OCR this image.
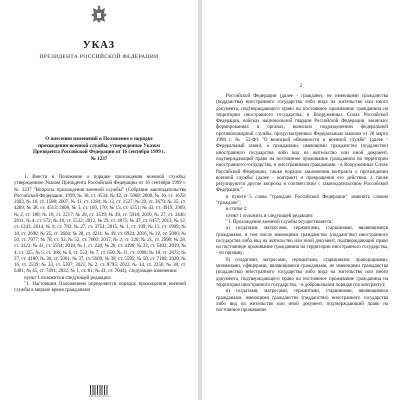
УКАЗ
ПРЕЗИДЕНТА РОССИЙСКОЙ ФЕДЕРАЦИИ
О внесении изменений в Положение о порядке прохождения военной службы, утвержденное Указом Президента Российской Федерации от 16 сентября 1999 г. № 1237

1. Внести в Положение о порядке прохождения военной службы, утвержденное Указом Президента Российской Федерации от 16 сентября 1999 г. № 1237 "Вопросы прохождения военной службы" (Собрание законодательства Российской Федерации, 1999, № 38, ст. 4534; № 42, ст. 5008; 2000, № 16, ст. 1678; 2003, № 16, ст. 1508; 2007, № 11, ст. 1284; № 13, ст. 1527; № 29, ст. 3679; № 35, ст. 4289; № 38, ст. 4513; 2008, № 3, ст. 169, 170; № 13, ст. 1251; № 43, ст. 4919; 2009, № 2, ст. 180; № 18, ст. 2217; № 28, ст. 3519; № 49, ст. 5918; 2010, № 27, ст. 3446; 2011, № 4, ст. 572; № 40, ст. 5532; 2012, № 29, ст. 4075; № 47, ст. 6457; 2013, № 12, ст. 1243; 2014, № 8, ст. 783; № 27, ст. 3754; 2015, № 1, ст. 199; № 13, ст. 1909; № 18, ст. 2690; № 25, ст. 3604; № 28, ст. 4211; № 49, ст. 6924; 2016, № 12, ст. 5096; № 50, ст. 7077; № 78, ст. 92; № 52, ст. 7603; 2017, № 2, ст. 326; № 21, ст. 2998; № 28, ст. 4123; № 41, ст. 5934; 2018, № 1, ст. 220, № 28, ст. 4196; № 33, ст. 5402; 2019, № 4, ст. 325; № 5, ст. 366; № 6, ст. 552; № 7, ст. 650; № 11, ст. 1098; № 18, ст. 2873; № 27, ст. 4180; № 36, ст. 5001; № 37, ст. 5609; № 38, ст. 5595; № 50, ст. 7180; 2020, № 16, ст. 2539; № 33, ст. 5307; 2021, № 2, ст. 8795; 2022, № 14, ст. 2256; № 38, ст. 6481; № 45, ст. 7491; 2022, № 1, ст. 81; № 41, ст. 7044), следующие изменения:

пункт 1 изложить в следующей редакции:

"1. Настоящим Положением определяется порядок прохождения военной службы в мирное время гражданами

1 2 0 4 5 3 1 4 4 7 1
2

Российской Федерации (далее - граждане), не имеющими гражданства (подданства) иностранного государства либо вида на жительство или иного документа, подтверждающего право на постоянное проживание гражданина на территории иностранного государства, в Вооруженных Силах Российской Федерации, войсках национальной гвардии Российской Федерации, воинских формированиях и органах, воинских подразделениях федеральной противопожарной службы, предусмотренных Федеральным законом от 28 марта 1998 г. № 53-ФЗ "О воинской обязанности и военной службе" (далее - Федеральный закон), а гражданами, имеющими гражданство (подданство) иностранного государства либо вид на жительство или иной документ, подтверждающий право на постоянное проживание гражданина на территории иностранного государства, и иностранными гражданами - в Вооруженных Силах Российской Федерации, также порядок заключения контракта о прохождении военной службы (далее - контракт) и прекращения его действия, а также регулируются другие вопросы в соответствии с законодательством Российской Федерации.";

в пункте 5 слова "граждане Российской Федерации" заменить словом "граждане";

в статье 2:

пункт 1 изложить в следующей редакции:

"1. Прохождение военной службы осуществляется:

а) солдатами, матросами, сержантами, старшинами, являющимися гражданами, в том числе имеющими гражданство (подданство) иностранного государства либо вид на жительство или иной документ, подтверждающий право на постоянное проживание гражданина на территории иностранного государства, - по призыву;

б) солдатами, матросами, сержантами, старшинами, прапорщиками, мичманами, офицерами, являющимися гражданами, не имеющими гражданства (подданства) иностранного государства либо вида на жительство или иного документа, подтверждающего право на постоянное проживание гражданина на территории иностранного государства, - в добровольном порядке (по контракту);

в) солдатами, матросами, сержантами, старшинами, являющимися гражданами, имеющими гражданство (подданство) иностранного государства либо вид на жительство или иной документ, подтверждающий право на постоянное проживание
